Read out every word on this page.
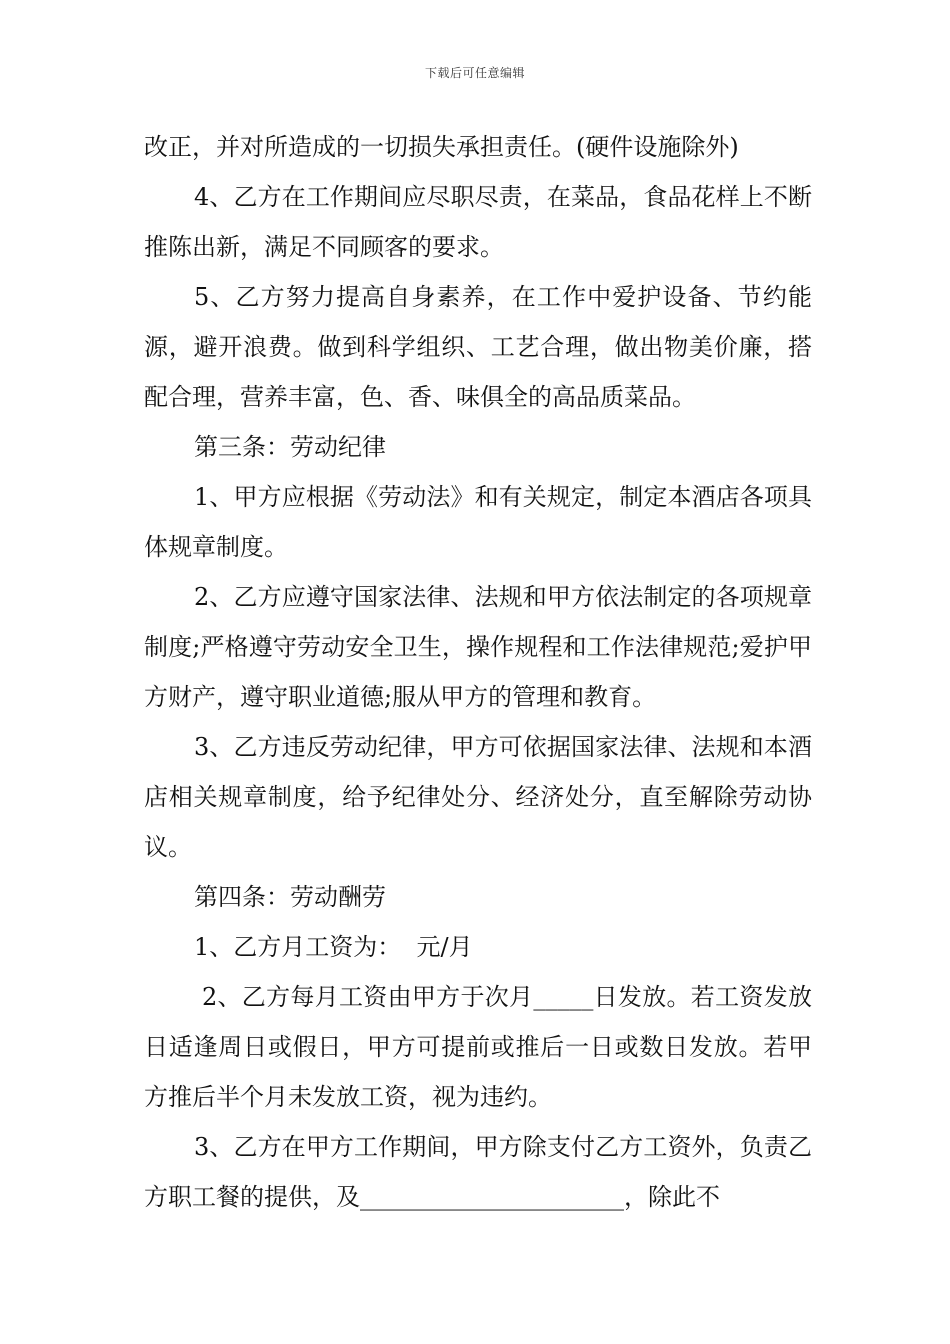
下载后可任意编辑

改正，并对所造成的一切损失承担责任。(硬件设施除外)

4、乙方在工作期间应尽职尽责，在菜品，食品花样上不断推陈出新，满足不同顾客的要求。

5、乙方努力提高自身素养，在工作中爱护设备、节约能源，避开浪费。做到科学组织、工艺合理，做出物美价廉，搭配合理，营养丰富，色、香、味俱全的高品质菜品。

第三条：劳动纪律

1、甲方应根据《劳动法》和有关规定，制定本酒店各项具体规章制度。

2、乙方应遵守国家法律、法规和甲方依法制定的各项规章制度;严格遵守劳动安全卫生，操作规程和工作法律规范;爱护甲方财产，遵守职业道德;服从甲方的管理和教育。

3、乙方违反劳动纪律，甲方可依据国家法律、法规和本酒店相关规章制度，给予纪律处分、经济处分，直至解除劳动协议。

第四条：劳动酬劳

1、乙方月工资为：  元/月

2、乙方每月工资由甲方于次月_____日发放。若工资发放日适逢周日或假日，甲方可提前或推后一日或数日发放。若甲方推后半个月未发放工资，视为违约。

3、乙方在甲方工作期间，甲方除支付乙方工资外，负责乙方职工餐的提供，及______________________，除此不
